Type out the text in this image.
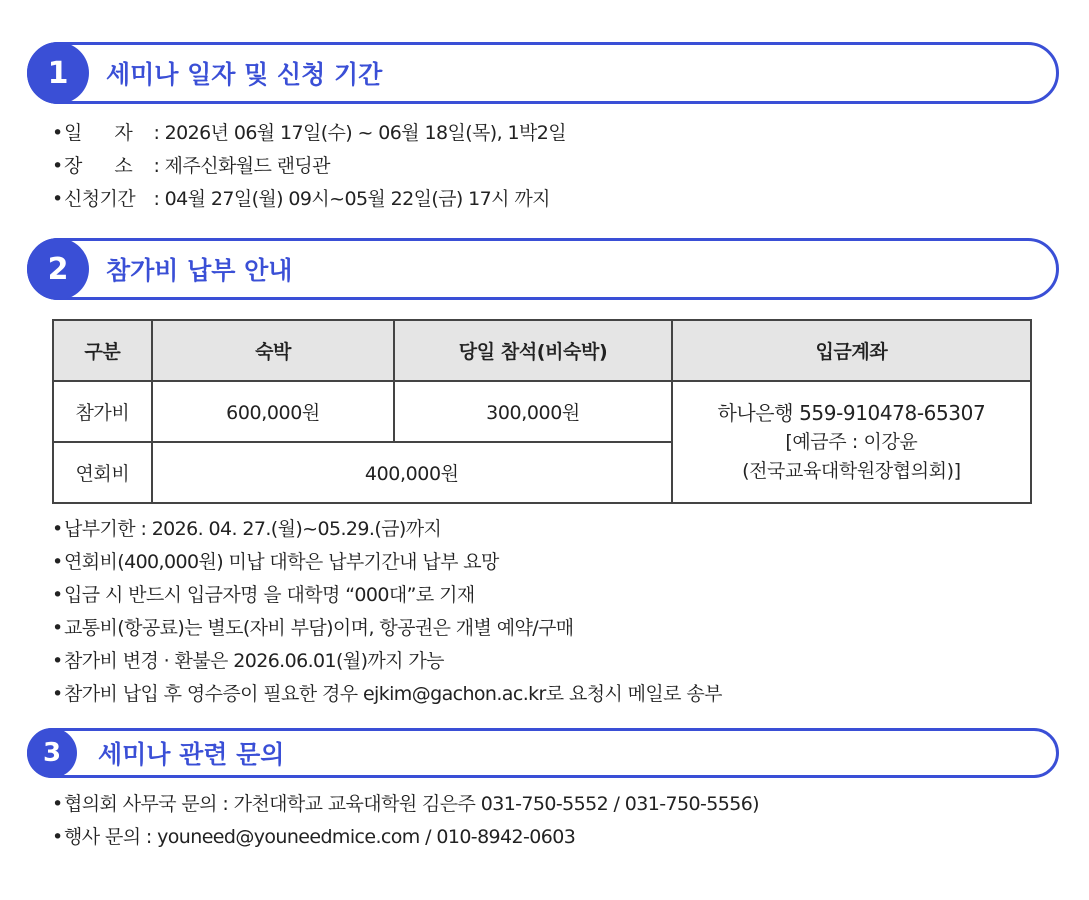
1	세미나 일자 및 신청 기간
•일      자 : 2026년 06월 17일(수) ~ 06월 18일(목), 1박2일
•장      소 : 제주신화월드 랜딩관
•신청기간 : 04월 27일(월) 09시~05월 22일(금) 17시 까지
2	참가비 납부 안내
구분	숙박	당일 참석(비숙박)	입금계좌
참가비	600,000원	300,000원	하나은행 559-910478-65307
[예금주 : 이강윤
(전국교육대학원장협의회)]

연회비	400,000원		
•납부기한 : 2026. 04. 27.(월)~05.29.(금)까지
•연회비(400,000원) 미납 대학은 납부기간내 납부 요망
•입금 시 반드시 입금자명 을 대학명 “000대”로 기재
•교통비(항공료)는 별도(자비 부담)이며, 항공권은 개별 예약/구매
•참가비 변경 · 환불은 2026.06.01(월)까지 가능
•참가비 납입 후 영수증이 필요한 경우 ejkim@gachon.ac.kr로 요청시 메일로 송부
3	세미나 관련 문의
•협의회 사무국 문의 : 가천대학교 교육대학원 김은주 031-750-5552 / 031-750-5556)
•행사 문의 : youneed@youneedmice.com / 010-8942-0603
